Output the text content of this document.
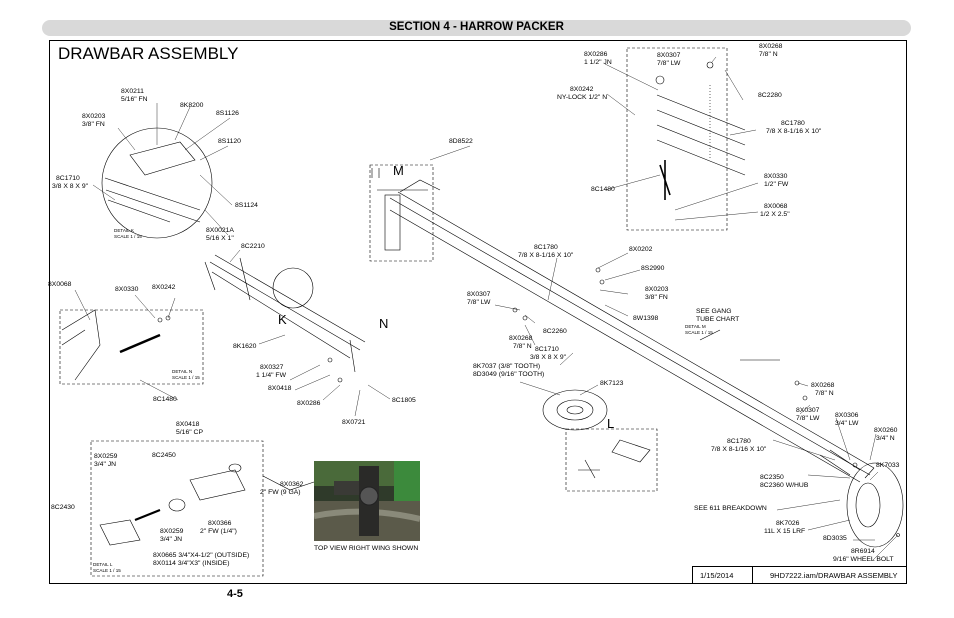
SECTION 4 - HARROW PACKER
DRAWBAR ASSEMBLY
1/15/2014	9HD7222.iam/DRAWBAR ASSEMBLY
4-5
M
K	N
L
DETAIL K
SCALE 1 / 15
DETAIL M
SCALE 1 / 15
DETAIL N
SCALE 1 / 15
DETAIL L
SCALE 1 / 15
8X0211
5/16" FN
8K8200
8X0203
3/8" FN
8S1126
8S1120
8C1710
3/8 X 8 X 9"
8S1124
8X0021A
5/16 X 1"
8C2210
8D8522
8X0286
1 1/2" JN
8X0307
7/8" LW
8X0268
7/8" N
8X0242
NY-LOCK 1/2" N	8C2280
8C1780
7/8 X 8-1/16 X 10"
8C1480
8X0330
1/2" FW
8X0068
1/2 X 2.5"
8X0068
8X0330 8X0242
8C1480
8K1620
8X0327
1 1/4" FW
8X0418
8X0286
8X0721
8C1805
8C1780
7/8 X 8-1/16 X 10"
8X0202
8S2990
8X0307
7/8" LW
8X0203
3/8" FN
8W1398
SEE GANG
TUBE CHART
8C2260
8X0268
7/8" N 8C1710
3/8 X 8 X 9"
8K7037 (3/8" TOOTH)
8D3049 (9/16" TOOTH)
8K7123	8X0268
7/8" N
8X0307
7/8" LW 8X0306
3/4" LW
8X0260
3/4" N
8C1780
7/8 X 8-1/16 X 10"
8K7033
8C2350
8C2360 W/HUB
SEE 611 BREAKDOWN
8K7026
11L X 15 LRF
8D3035
8R6914
9/16" WHEEL BOLT
8X0418
5/16" CP
8X0259
3/4" JN
8C2450
8X0362
2" FW (9 GA)
8C2430
8X0366
2" FW (1/4")
8X0259
3/4" JN
8X0665 3/4"X4-1/2" (OUTSIDE)
8X0114 3/4"X3" (INSIDE)
TOP VIEW RIGHT WING SHOWN
